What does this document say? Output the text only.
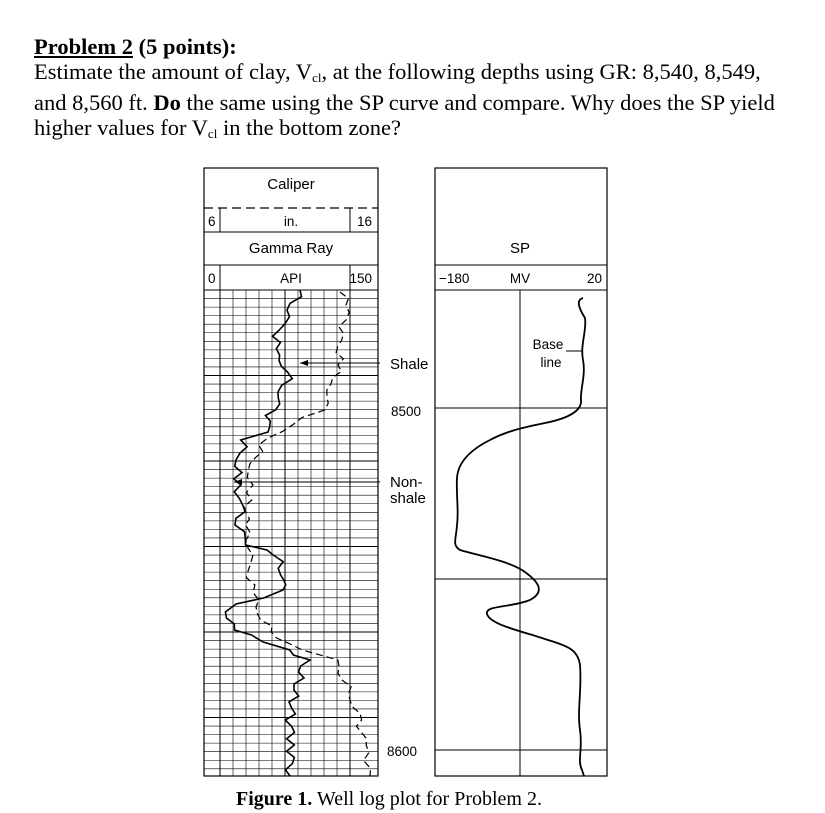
Problem 2 (5 points):

Estimate the amount of clay, $V_{cl}$, at the following depths using GR: 8,540, 8,549,

and 8,560 ft. Do the same using the SP curve and compare. Why does the SP yield

higher values for $V_{cl}$ in the bottom zone?

Caliper
6	in.	16
Gamma Ray
0	API	150
SP
−180	MV	20
Base
line
Shale
8500
Non-
shale
8600
Figure 1. Well log plot for Problem 2.
